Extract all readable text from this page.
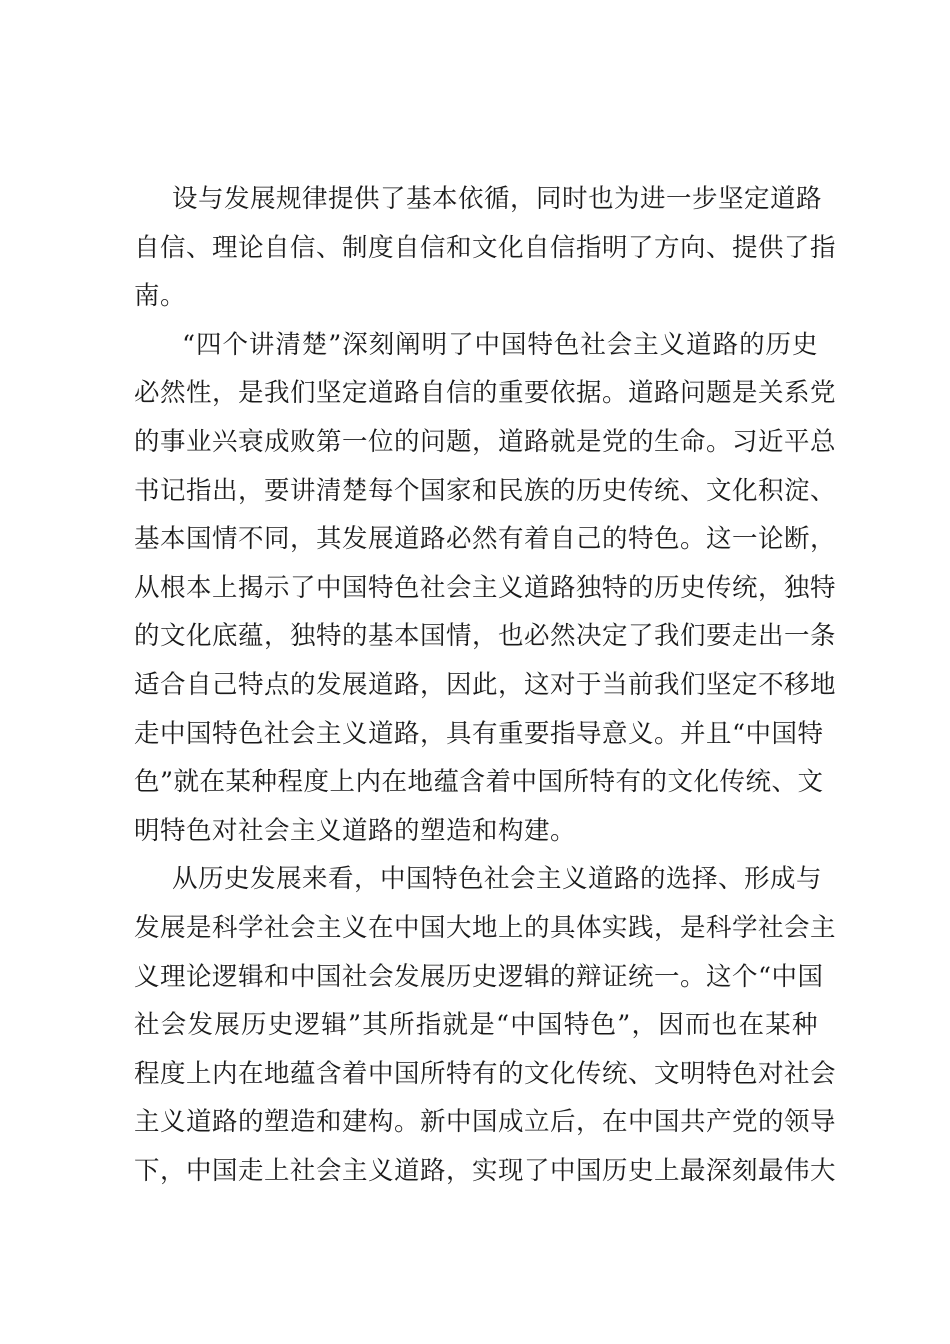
设与发展规律提供了基本依循，同时也为进一步坚定道路
自信、理论自信、制度自信和文化自信指明了方向、提供了指
南。
“四个讲清楚”深刻阐明了中国特色社会主义道路的历史
必然性，是我们坚定道路自信的重要依据。道路问题是关系党
的事业兴衰成败第一位的问题，道路就是党的生命。习近平总
书记指出，要讲清楚每个国家和民族的历史传统、文化积淀、
基本国情不同，其发展道路必然有着自己的特色。这一论断，
从根本上揭示了中国特色社会主义道路独特的历史传统，独特
的文化底蕴，独特的基本国情，也必然决定了我们要走出一条
适合自己特点的发展道路，因此，这对于当前我们坚定不移地
走中国特色社会主义道路，具有重要指导意义。并且“中国特
色”就在某种程度上内在地蕴含着中国所特有的文化传统、文
明特色对社会主义道路的塑造和构建。
从历史发展来看，中国特色社会主义道路的选择、形成与
发展是科学社会主义在中国大地上的具体实践，是科学社会主
义理论逻辑和中国社会发展历史逻辑的辩证统一。这个“中国
社会发展历史逻辑”其所指就是“中国特色”，因而也在某种
程度上内在地蕴含着中国所特有的文化传统、文明特色对社会
主义道路的塑造和建构。新中国成立后，在中国共产党的领导
下，中国走上社会主义道路，实现了中国历史上最深刻最伟大
